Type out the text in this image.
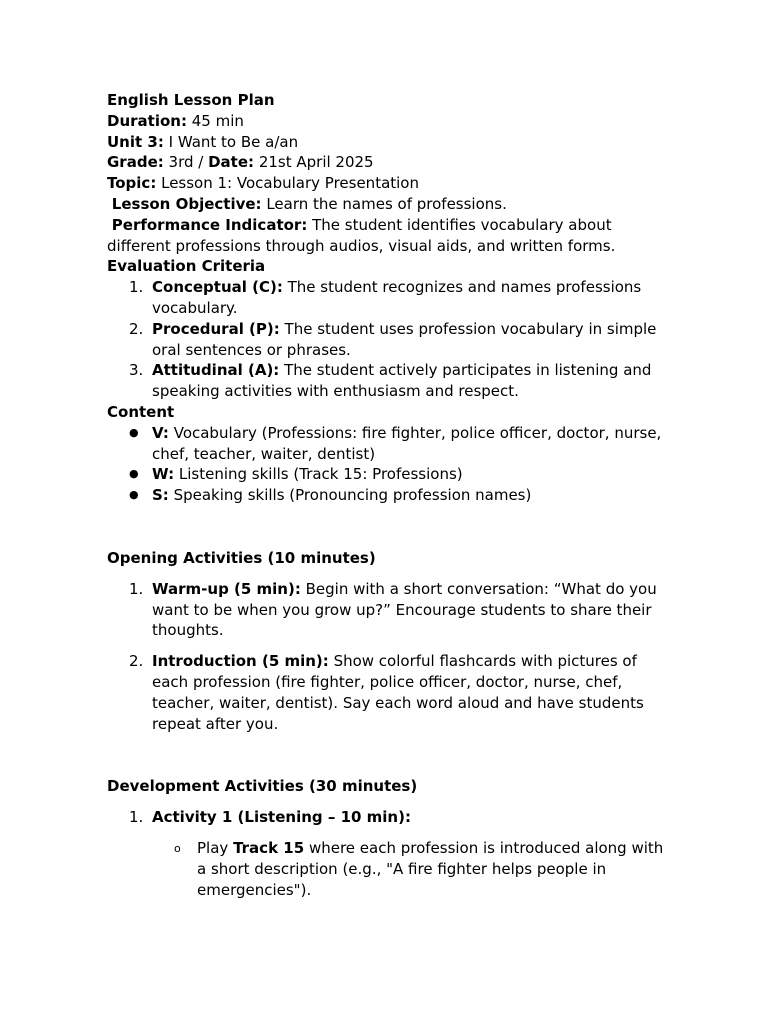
English Lesson Plan

Duration: 45 min

Unit 3: I Want to Be a/an

Grade: 3rd / Date: 21st April 2025

Topic: Lesson 1: Vocabulary Presentation

Lesson Objective: Learn the names of professions.

Performance Indicator: The student identifies vocabulary about different professions through audios, visual aids, and written forms.

Evaluation Criteria

1. Conceptual (C): The student recognizes and names professions vocabulary.
2. Procedural (P): The student uses profession vocabulary in simple oral sentences or phrases.
3. Attitudinal (A): The student actively participates in listening and speaking activities with enthusiasm and respect.

Content

● V: Vocabulary (Professions: fire fighter, police officer, doctor, nurse, chef, teacher, waiter, dentist)
● W: Listening skills (Track 15: Professions)
● S: Speaking skills (Pronouncing profession names)

Opening Activities (10 minutes)

1. Warm-up (5 min): Begin with a short conversation: “What do you want to be when you grow up?” Encourage students to share their thoughts.
2. Introduction (5 min): Show colorful flashcards with pictures of each profession (fire fighter, police officer, doctor, nurse, chef, teacher, waiter, dentist). Say each word aloud and have students repeat after you.

Development Activities (30 minutes)

1. Activity 1 (Listening – 10 min):
o Play Track 15 where each profession is introduced along with a short description (e.g., "A fire fighter helps people in emergencies").
